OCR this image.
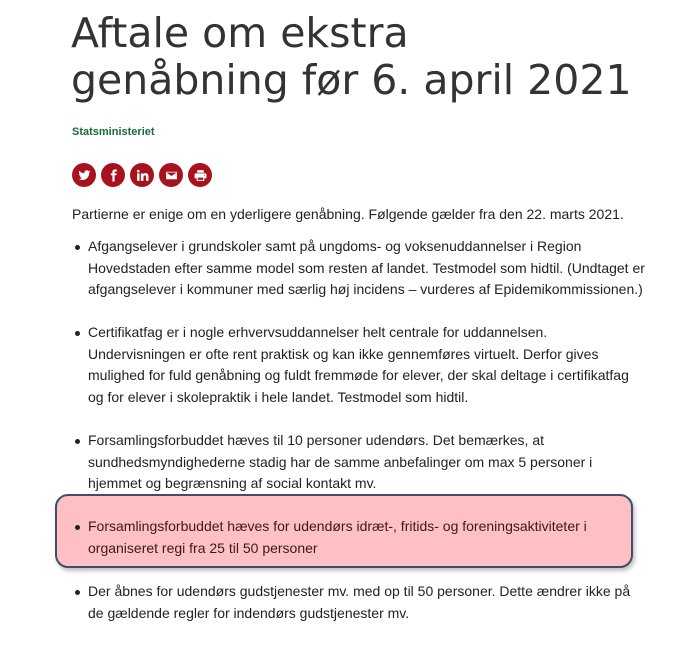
Aftale om ekstra
genåbning før 6. april 2021
Statsministeriet

Partierne er enige om en yderligere genåbning. Følgende gælder fra den 22. marts 2021.

Afgangselever i grundskoler samt på ungdoms- og voksenuddannelser i Region
Hovedstaden efter samme model som resten af landet. Testmodel som hidtil. (Undtaget er
afgangselever i kommuner med særlig høj incidens – vurderes af Epidemikommissionen.)
Certifikatfag er i nogle erhvervsuddannelser helt centrale for uddannelsen.
Undervisningen er ofte rent praktisk og kan ikke gennemføres virtuelt. Derfor gives
mulighed for fuld genåbning og fuldt fremmøde for elever, der skal deltage i certifikatfag
og for elever i skolepraktik i hele landet. Testmodel som hidtil.
Forsamlingsforbuddet hæves til 10 personer udendørs. Det bemærkes, at
sundhedsmyndighederne stadig har de samme anbefalinger om max 5 personer i
hjemmet og begrænsning af social kontakt mv.
Forsamlingsforbuddet hæves for udendørs idræt-, fritids- og foreningsaktiviteter i
organiseret regi fra 25 til 50 personer
Der åbnes for udendørs gudstjenester mv. med op til 50 personer. Dette ændrer ikke på
de gældende regler for indendørs gudstjenester mv.
